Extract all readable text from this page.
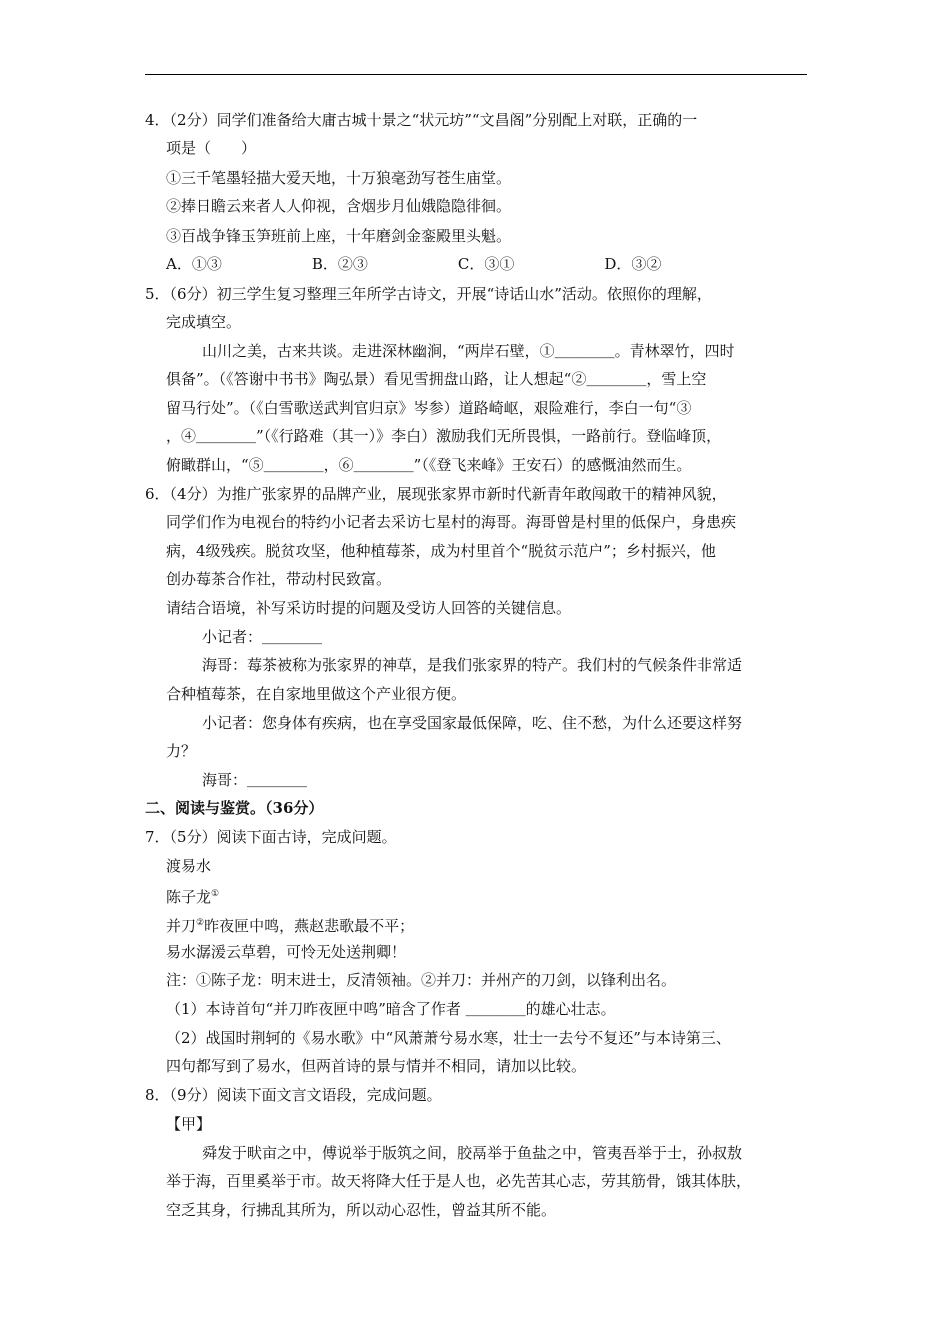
4．（2分）同学们准备给大庸古城十景之“状元坊”“文昌阁”分别配上对联，正确的一
项是（　　）
①三千笔墨轻描大爱天地，十万狼毫劲写苍生庙堂。
②捧日瞻云来者人人仰视，含烟步月仙娥隐隐徘徊。
③百战争锋玉笋班前上座，十年磨剑金銮殿里头魁。
A．①③　　　　　　B．②③　　　　　　C．③①　　　　　　D．③②
5．（6分）初三学生复习整理三年所学古诗文，开展“诗话山水”活动。依照你的理解，
完成填空。
山川之美，古来共谈。走进深林幽涧，“两岸石壁，①＿＿＿＿。青林翠竹，四时
俱备”。（《答谢中书书》陶弘景）看见雪拥盘山路，让人想起“②＿＿＿＿，雪上空
留马行处”。（《白雪歌送武判官归京》岑参）道路崎岖，艰险难行，李白一句“③
，④＿＿＿＿”（《行路难（其一）》李白）激励我们无所畏惧，一路前行。登临峰顶，
俯瞰群山，“⑤＿＿＿＿，⑥＿＿＿＿”（《登飞来峰》王安石）的感慨油然而生。
6．（4分）为推广张家界的品牌产业，展现张家界市新时代新青年敢闯敢干的精神风貌，
同学们作为电视台的特约小记者去采访七星村的海哥。海哥曾是村里的低保户，身患疾
病，4级残疾。脱贫攻坚，他种植莓茶，成为村里首个“脱贫示范户”；乡村振兴，他
创办莓茶合作社，带动村民致富。
请结合语境，补写采访时提的问题及受访人回答的关键信息。
小记者：＿＿＿＿
海哥：莓茶被称为张家界的神草，是我们张家界的特产。我们村的气候条件非常适
合种植莓茶，在自家地里做这个产业很方便。
小记者：您身体有疾病，也在享受国家最低保障，吃、住不愁，为什么还要这样努
力？
海哥：＿＿＿＿
二、阅读与鉴赏。（36分）
7．（5分）阅读下面古诗，完成问题。
渡易水
陈子龙①
并刀②昨夜匣中鸣，燕赵悲歌最不平；
易水潺湲云草碧，可怜无处送荆卿！
注：①陈子龙：明末进士，反清领袖。②并刀：并州产的刀剑，以锋利出名。
（1）本诗首句“并刀昨夜匣中鸣”暗含了作者 ＿＿＿＿的雄心壮志。
（2）战国时荆轲的《易水歌》中“风萧萧兮易水寒，壮士一去兮不复还”与本诗第三、
四句都写到了易水，但两首诗的景与情并不相同，请加以比较。
8．（9分）阅读下面文言文语段，完成问题。
【甲】
舜发于畎亩之中，傅说举于版筑之间，胶鬲举于鱼盐之中，管夷吾举于士，孙叔敖
举于海，百里奚举于市。故天将降大任于是人也，必先苦其心志，劳其筋骨，饿其体肤，
空乏其身，行拂乱其所为，所以动心忍性，曾益其所不能。
